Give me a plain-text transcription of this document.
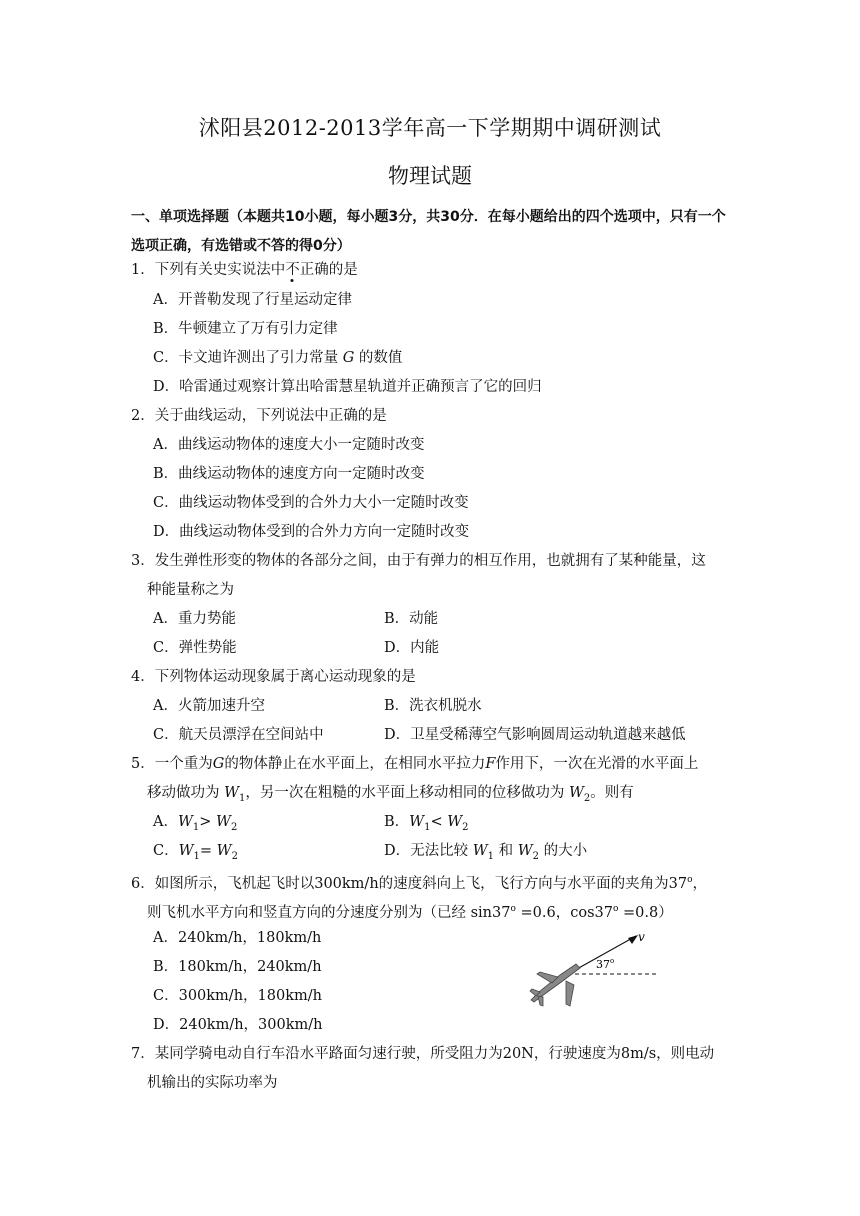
沭阳县2012-2013学年高一下学期期中调研测试
物理试题
一、单项选择题（本题共10小题，每小题3分，共30分．在每小题给出的四个选项中，只有一个选项正确，有选错或不答的得0分）
1．下列有关史实说法中不正确的是
A．开普勒发现了行星运动定律
B．牛顿建立了万有引力定律
C．卡文迪许测出了引力常量 G 的数值
D．哈雷通过观察计算出哈雷慧星轨道并正确预言了它的回归
2．关于曲线运动，下列说法中正确的是
A．曲线运动物体的速度大小一定随时改变
B．曲线运动物体的速度方向一定随时改变
C．曲线运动物体受到的合外力大小一定随时改变
D．曲线运动物体受到的合外力方向一定随时改变
3．发生弹性形变的物体的各部分之间，由于有弹力的相互作用，也就拥有了某种能量，这
种能量称之为
A．重力势能	B．动能
C．弹性势能	D．内能
4．下列物体运动现象属于离心运动现象的是
A．火箭加速升空	B．洗衣机脱水
C．航天员漂浮在空间站中	D．卫星受稀薄空气影响圆周运动轨道越来越低
5．一个重为G的物体静止在水平面上，在相同水平拉力F作用下，一次在光滑的水平面上
移动做功为 $W_1$，另一次在粗糙的水平面上移动相同的位移做功为 $W_2$。则有
A．$W_1> W_2$	B．$W_1< W_2$
C．$W_1= W_2$	D．无法比较 $W_1$ 和 $W_2$ 的大小
6．如图所示，飞机起飞时以300km/h的速度斜向上飞，飞行方向与水平面的夹角为37$^o$，
则飞机水平方向和竖直方向的分速度分别为（已经 $\sin 37^o =0.6$，$\cos 37^o =0.8$）
A．240km/h，180km/h
B．180km/h，240km/h
C．300km/h，180km/h
D．240km/h，300km/h
v
37$^o$
7．某同学骑电动自行车沿水平路面匀速行驶，所受阻力为20N，行驶速度为8m/s，则电动
机输出的实际功率为
